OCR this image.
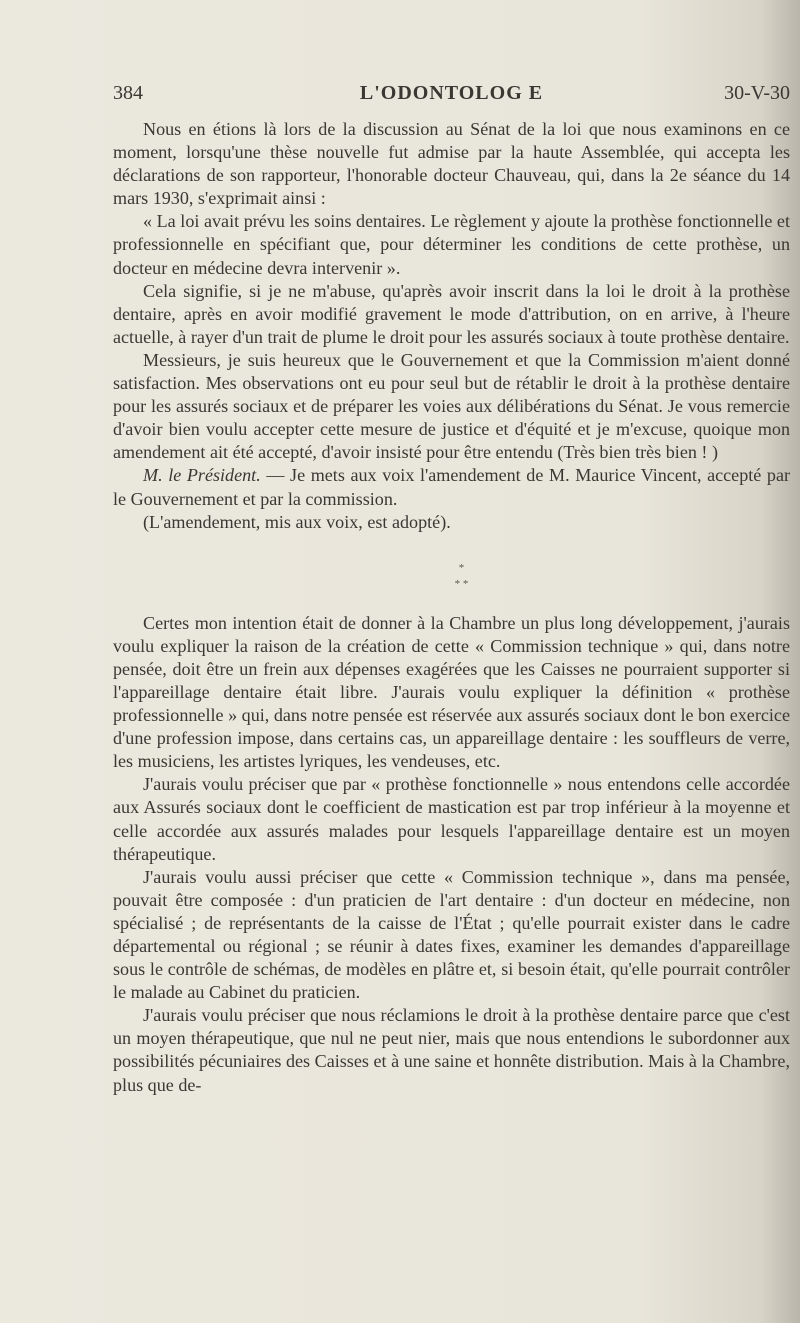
384	L'ODONTOLOG E	30-V-30

Nous en étions là lors de la discussion au Sénat de la loi que nous examinons en ce moment, lorsqu'une thèse nouvelle fut admise par la haute Assemblée, qui accepta les déclarations de son rapporteur, l'honorable docteur Chauveau, qui, dans la 2e séance du 14 mars 1930, s'exprimait ainsi :

« La loi avait prévu les soins dentaires. Le règlement y ajoute la prothèse fonctionnelle et professionnelle en spécifiant que, pour déterminer les conditions de cette prothèse, un docteur en médecine devra intervenir ».

Cela signifie, si je ne m'abuse, qu'après avoir inscrit dans la loi le droit à la prothèse dentaire, après en avoir modifié gravement le mode d'attribution, on en arrive, à l'heure actuelle, à rayer d'un trait de plume le droit pour les assurés sociaux à toute prothèse dentaire.

Messieurs, je suis heureux que le Gouvernement et que la Commission m'aient donné satisfaction. Mes observations ont eu pour seul but de rétablir le droit à la prothèse dentaire pour les assurés sociaux et de préparer les voies aux délibérations du Sénat. Je vous remercie d'avoir bien voulu accepter cette mesure de justice et d'équité et je m'excuse, quoique mon amendement ait été accepté, d'avoir insisté pour être entendu (Très bien très bien ! )

M. le Président. — Je mets aux voix l'amendement de M. Maurice Vincent, accepté par le Gouvernement et par la commission.

(L'amendement, mis aux voix, est adopté).

*
* *

Certes mon intention était de donner à la Chambre un plus long développement, j'aurais voulu expliquer la raison de la création de cette « Commission technique » qui, dans notre pensée, doit être un frein aux dépenses exagérées que les Caisses ne pourraient supporter si l'appareillage dentaire était libre. J'aurais voulu expliquer la définition « prothèse professionnelle » qui, dans notre pensée est réservée aux assurés sociaux dont le bon exercice d'une profession impose, dans certains cas, un appareillage dentaire : les souffleurs de verre, les musiciens, les artistes lyriques, les vendeuses, etc.

J'aurais voulu préciser que par « prothèse fonctionnelle » nous entendons celle accordée aux Assurés sociaux dont le coefficient de mastication est par trop inférieur à la moyenne et celle accordée aux assurés malades pour lesquels l'appareillage dentaire est un moyen thérapeutique.

J'aurais voulu aussi préciser que cette « Commission technique », dans ma pensée, pouvait être composée : d'un praticien de l'art dentaire : d'un docteur en médecine, non spécialisé ; de représentants de la caisse de l'État ; qu'elle pourrait exister dans le cadre départemental ou régional ; se réunir à dates fixes, examiner les demandes d'appareillage sous le contrôle de schémas, de modèles en plâtre et, si besoin était, qu'elle pourrait contrôler le malade au Cabinet du praticien.

J'aurais voulu préciser que nous réclamions le droit à la prothèse dentaire parce que c'est un moyen thérapeutique, que nul ne peut nier, mais que nous entendions le subordonner aux possibilités pécuniaires des Caisses et à une saine et honnête distribution. Mais à la Chambre, plus que de-
